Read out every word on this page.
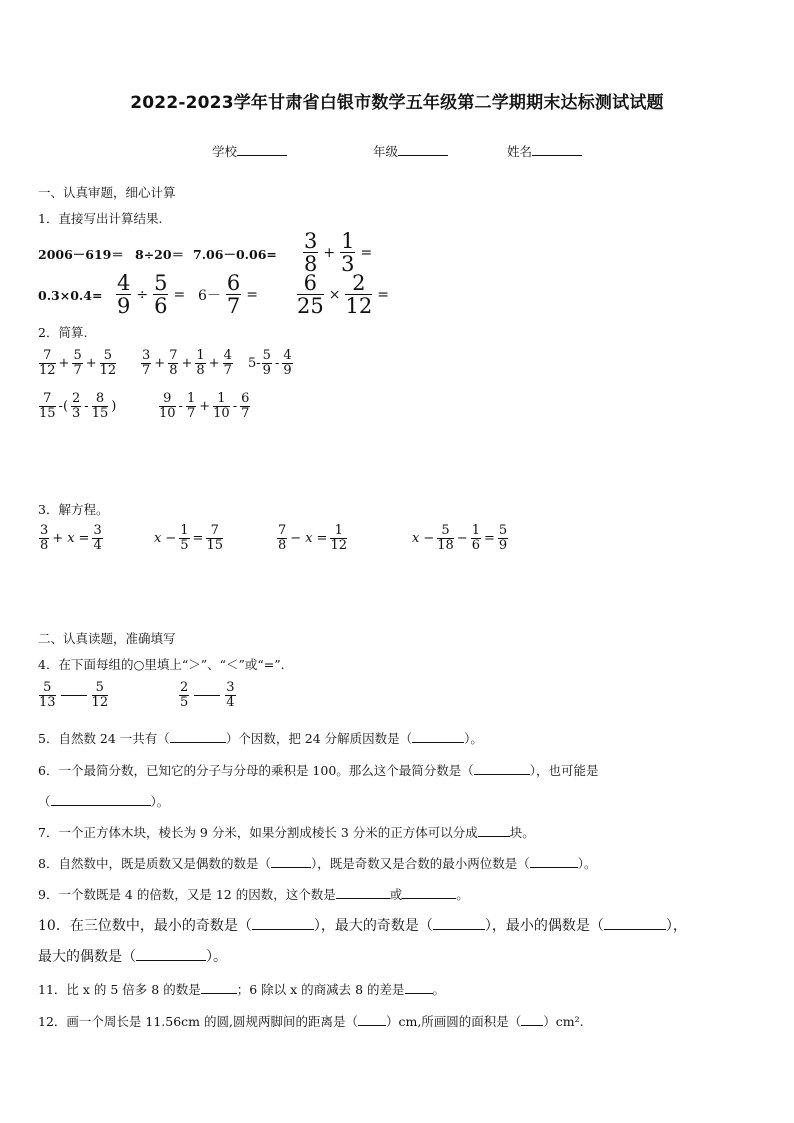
2022-2023学年甘肃省白银市数学五年级第二学期期末达标测试试题
学校	年级	姓名
一、认真审题，细心计算
1．直接写出计算结果.
$2006-619= 8\div 20= 7.06-0.06= \frac{3}{8} + \frac{1}{3}$ =
$0.3\times 0.4= \frac{4}{9} \div \frac{5}{6} = 6- \frac{6}{7} = \frac{6}{25} \times \frac{2}{12}$ =
2．简算.
$\frac{7}{12} + \frac{5}{7} + \frac{5}{12} \frac{3}{7} + \frac{7}{8} + \frac{1}{8} + \frac{4}{7} 5- \frac{5}{9} - \frac{4}{9}$
$\frac{7}{15}$ -( $\frac{2}{3} - \frac{8}{15}$ )	$\frac{9}{10} - \frac{1}{7} + \frac{1}{10} - \frac{6}{7}$
3．解方程。
$\frac{3}{8} + x = \frac{3}{4}$	$x - \frac{1}{5} = \frac{7}{15}$	$\frac{7}{8} - x = \frac{1}{12}$	$x - \frac{5}{18} - \frac{1}{6} = \frac{5}{9}$
二、认真读题，准确填写
4．在下面每组的○里填上“＞”、“＜”或“=”.
$\frac{5}{13}$	$\frac{5}{12}$	$\frac{2}{5}$	$\frac{3}{4}$
5．自然数 24 一共有（	）个因数，把 24 分解质因数是（	）。
6．一个最简分数，已知它的分子与分母的乘积是 100。那么这个最简分数是（	），也可能是
（	）。
7．一个正方体木块，棱长为 9 分米，如果分割成棱长 3 分米的正方体可以分成	块。
8．自然数中，既是质数又是偶数的数是（	），既是奇数又是合数的最小两位数是（	）。
9．一个数既是 4 的倍数，又是 12 的因数，这个数是	或	。
10．在三位数中，最小的奇数是（	），最大的奇数是（	），最小的偶数是（	），
最大的偶数是（	）。
11．比 x 的 5 倍多 8 的数是	；6 除以 x 的商减去 8 的差是 。
12．画一个周长是 11.56cm 的圆,圆规两脚间的距离是（ ）cm,所画圆的面积是（ ）cm².
